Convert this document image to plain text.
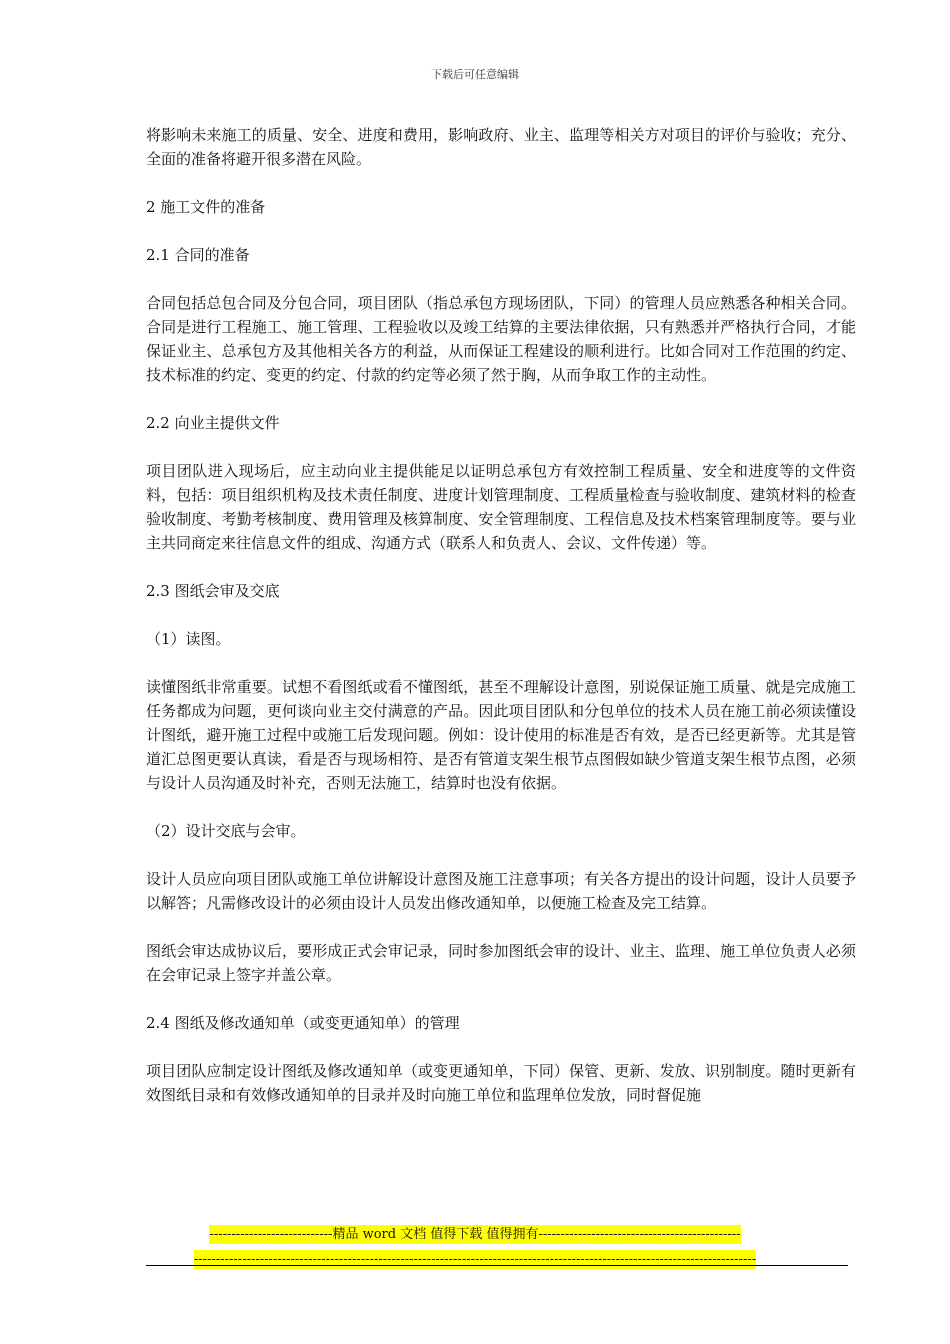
下载后可任意编辑

将影响未来施工的质量、安全、进度和费用，影响政府、业主、监理等相关方对项目的评价与验收；充分、全面的准备将避开很多潜在风险。

2 施工文件的准备

2.1 合同的准备

合同包括总包合同及分包合同，项目团队（指总承包方现场团队，下同）的管理人员应熟悉各种相关合同。合同是进行工程施工、施工管理、工程验收以及竣工结算的主要法律依据，只有熟悉并严格执行合同，才能保证业主、总承包方及其他相关各方的利益，从而保证工程建设的顺利进行。比如合同对工作范围的约定、技术标准的约定、变更的约定、付款的约定等必须了然于胸，从而争取工作的主动性。

2.2 向业主提供文件

项目团队进入现场后，应主动向业主提供能足以证明总承包方有效控制工程质量、安全和进度等的文件资料，包括：项目组织机构及技术责任制度、进度计划管理制度、工程质量检查与验收制度、建筑材料的检查验收制度、考勤考核制度、费用管理及核算制度、安全管理制度、工程信息及技术档案管理制度等。要与业主共同商定来往信息文件的组成、沟通方式（联系人和负责人、会议、文件传递）等。

2.3 图纸会审及交底

（1）读图。

读懂图纸非常重要。试想不看图纸或看不懂图纸，甚至不理解设计意图，别说保证施工质量、就是完成施工任务都成为问题，更何谈向业主交付满意的产品。因此项目团队和分包单位的技术人员在施工前必须读懂设计图纸，避开施工过程中或施工后发现问题。例如：设计使用的标准是否有效，是否已经更新等。尤其是管道汇总图更要认真读，看是否与现场相符、是否有管道支架生根节点图假如缺少管道支架生根节点图，必须与设计人员沟通及时补充，否则无法施工，结算时也没有依据。

（2）设计交底与会审。

设计人员应向项目团队或施工单位讲解设计意图及施工注意事项；有关各方提出的设计问题，设计人员要予以解答；凡需修改设计的必须由设计人员发出修改通知单，以便施工检查及完工结算。

图纸会审达成协议后，要形成正式会审记录，同时参加图纸会审的设计、业主、监理、施工单位负责人必须在会审记录上签字并盖公章。

2.4 图纸及修改通知单（或变更通知单）的管理

项目团队应制定设计图纸及修改通知单（或变更通知单，下同）保管、更新、发放、识别制度。随时更新有效图纸目录和有效修改通知单的目录并及时向施工单位和监理单位发放，同时督促施

----------------------------精品 word 文档 值得下载 值得拥有----------------------------------------------
--------------------------------------------------------------------------------------------------------------------------------
